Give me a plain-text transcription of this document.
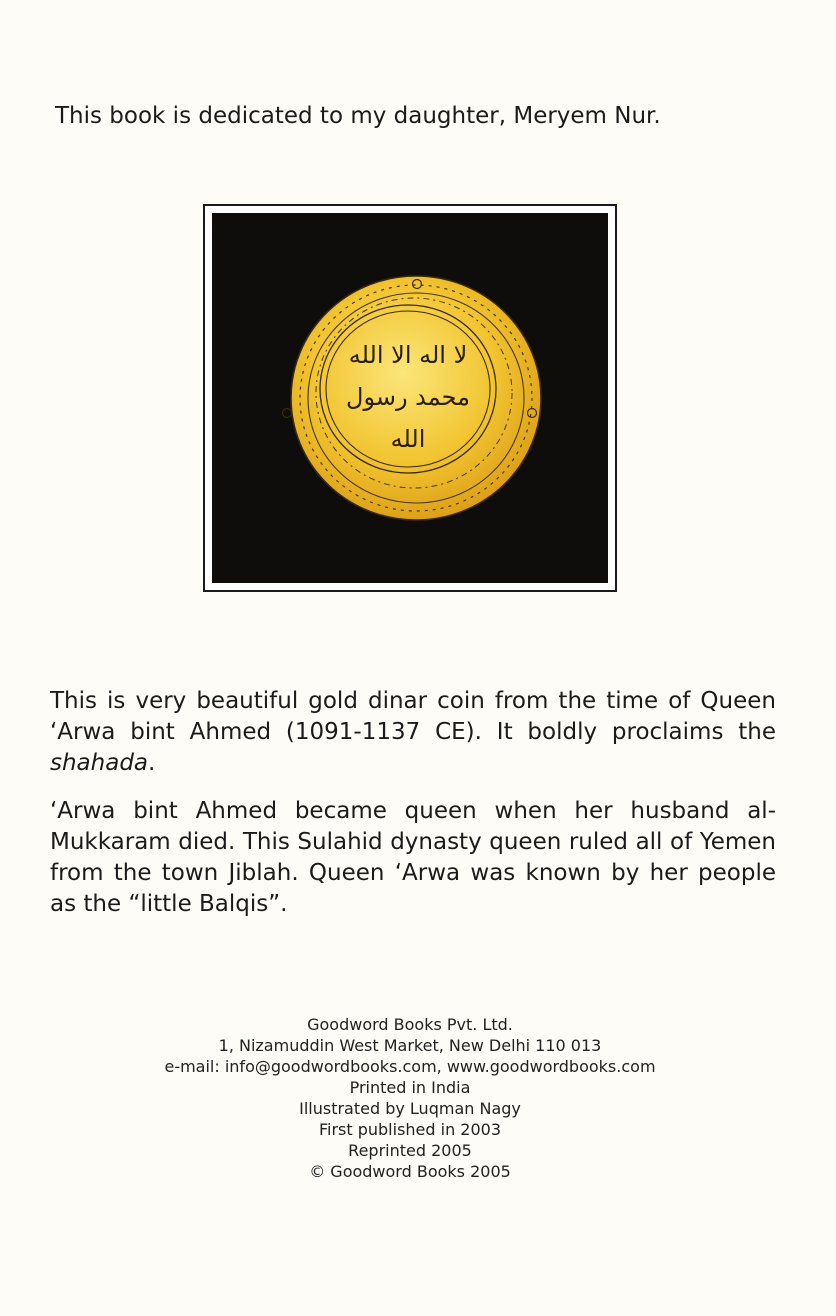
This book is dedicated to my daughter, Meryem Nur.

لا اله الا الله
محمد رسول
الله

This is very beautiful gold dinar coin from the time of Queen ‘Arwa bint Ahmed (1091-1137 CE). It boldly proclaims the shahada.

‘Arwa bint Ahmed became queen when her husband al-Mukkaram died. This Sulahid dynasty queen ruled all of Yemen from the town Jiblah. Queen ‘Arwa was known by her people as the “little Balqis”.

Goodword Books Pvt. Ltd.
1, Nizamuddin West Market, New Delhi 110 013
e-mail: info@goodwordbooks.com, www.goodwordbooks.com
Printed in India
Illustrated by Luqman Nagy
First published in 2003
Reprinted 2005
© Goodword Books 2005
